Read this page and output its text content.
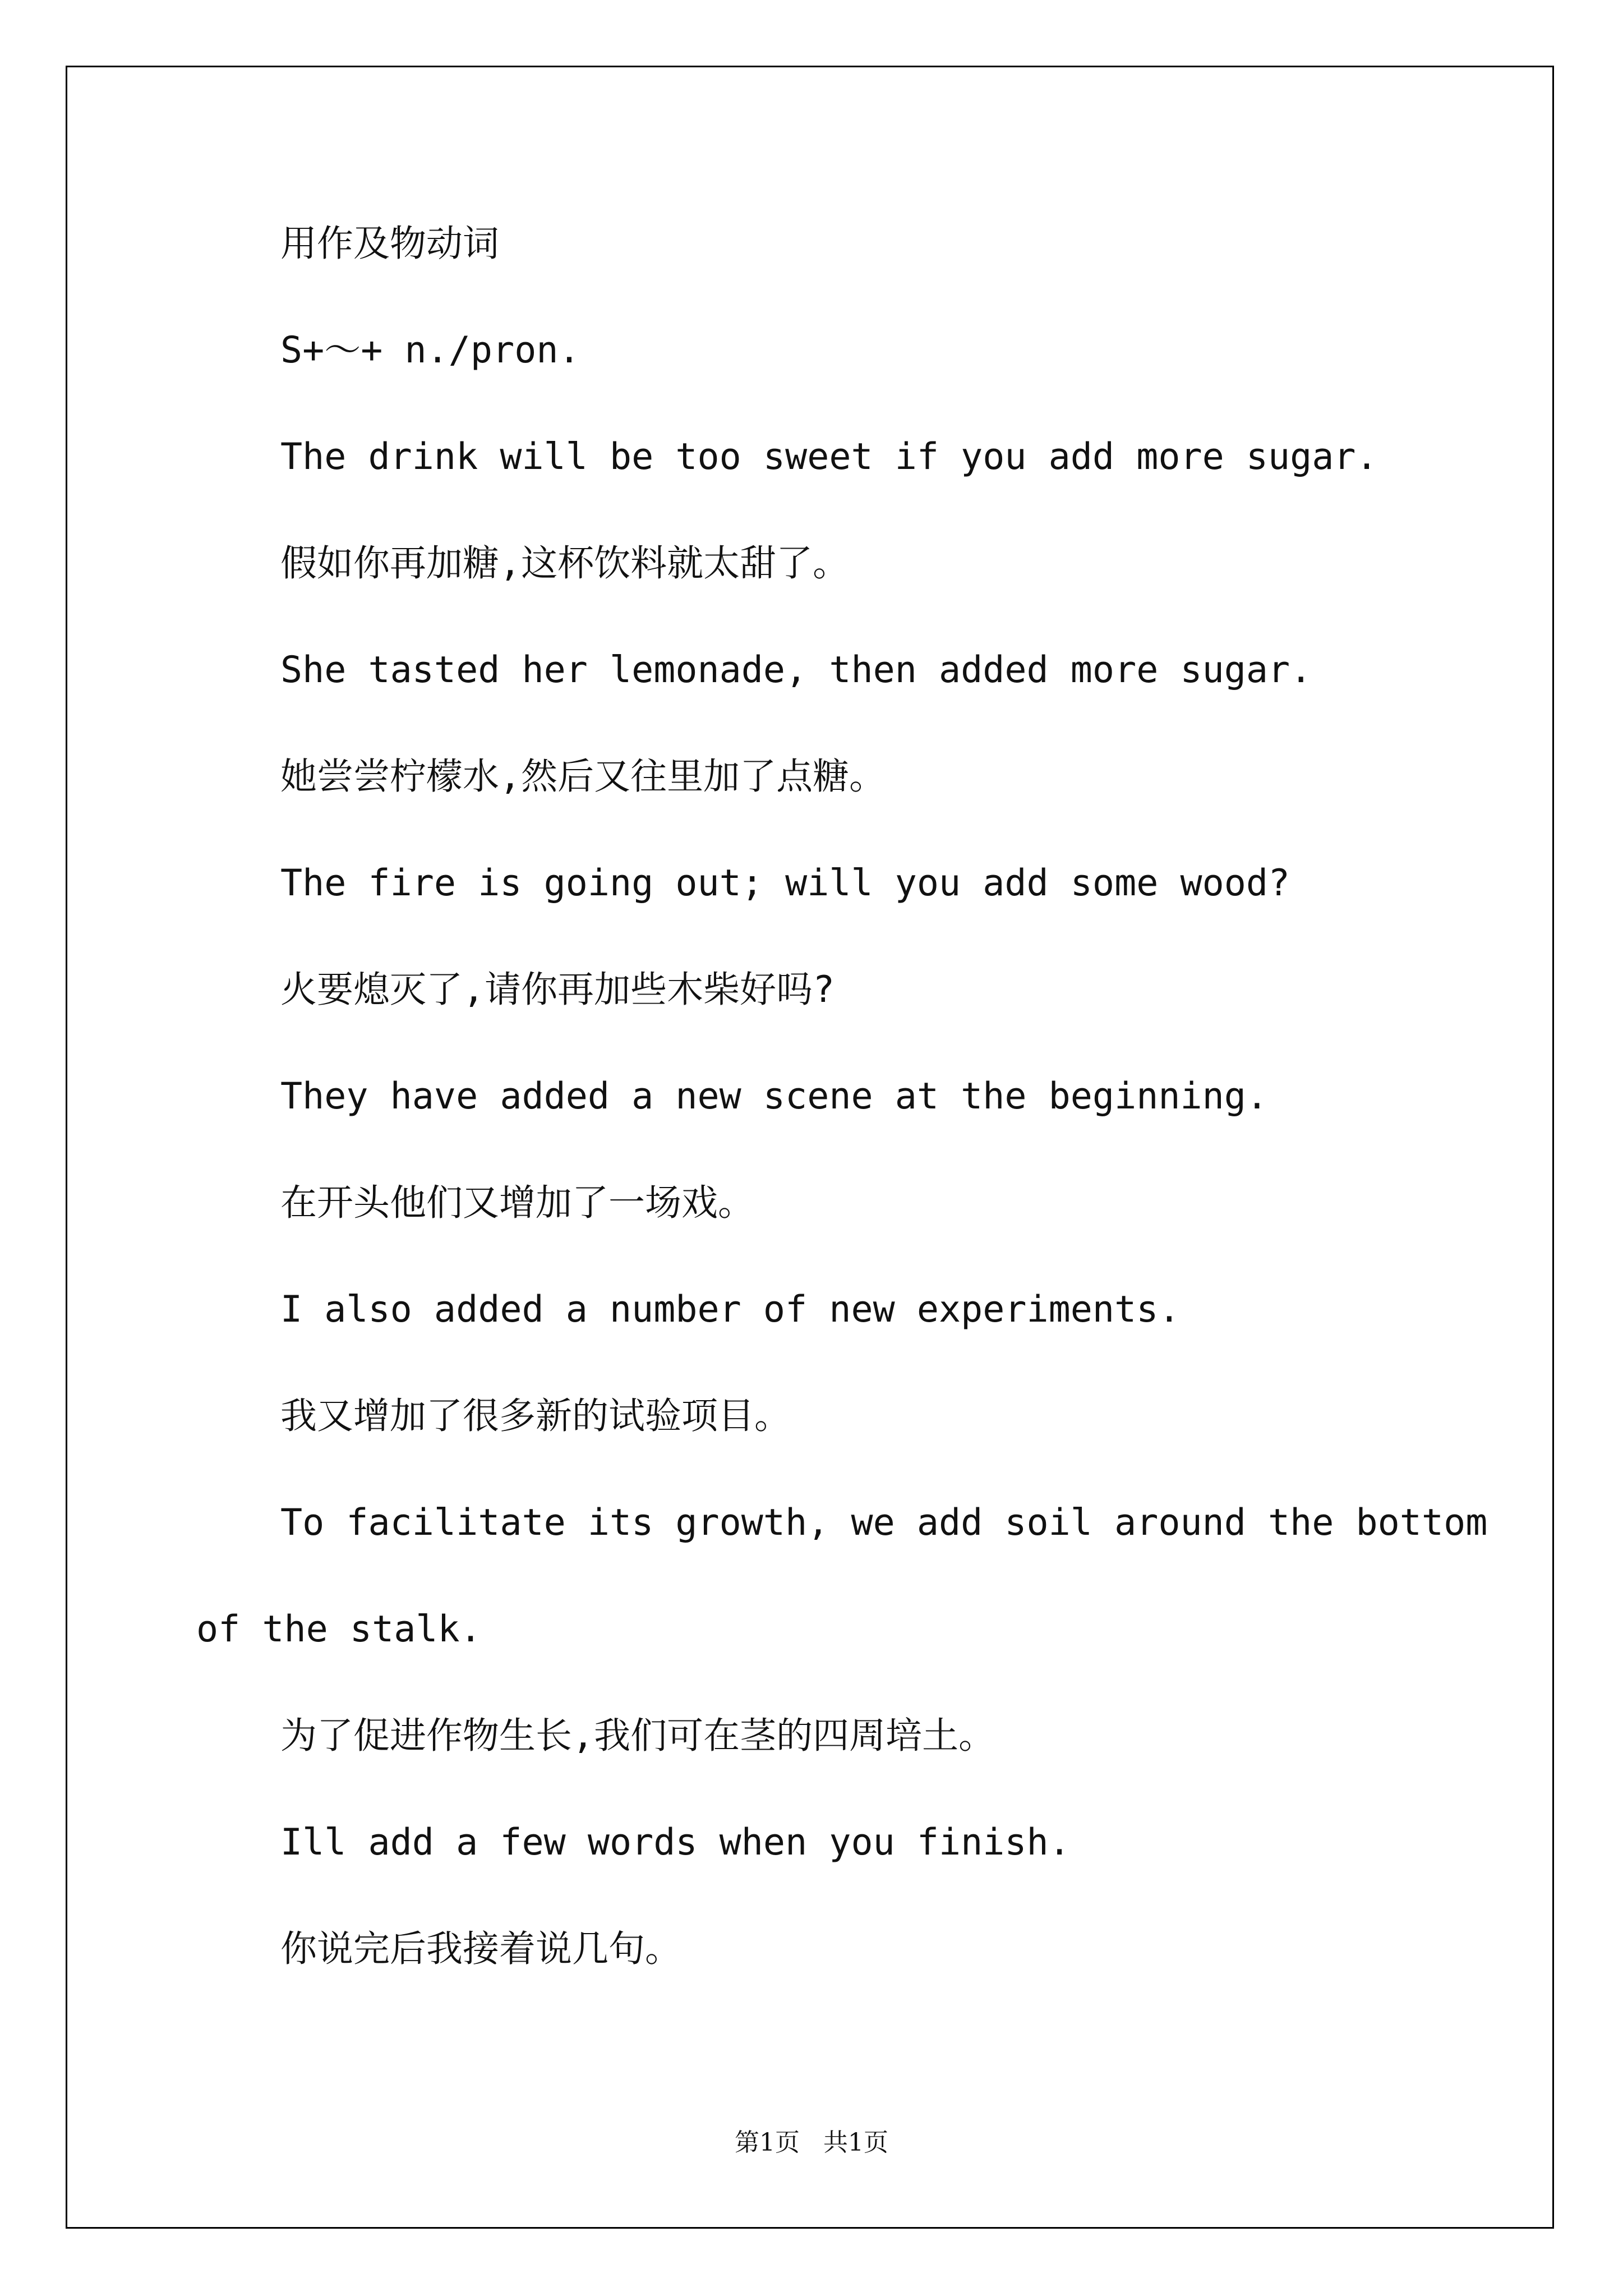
用作及物动词

S+～+ n./pron.

The drink will be too sweet if you add more sugar.

假如你再加糖,这杯饮料就太甜了。

She tasted her lemonade, then added more sugar.

她尝尝柠檬水,然后又往里加了点糖。

The fire is going out; will you add some wood?

火要熄灭了,请你再加些木柴好吗?

They have added a new scene at the beginning.

在开头他们又增加了一场戏。

I also added a number of new experiments.

我又增加了很多新的试验项目。

To facilitate its growth, we add soil around the bottom

of the stalk.

为了促进作物生长,我们可在茎的四周培土。

Ill add a few words when you finish.

你说完后我接着说几句。

第1页 共1页
